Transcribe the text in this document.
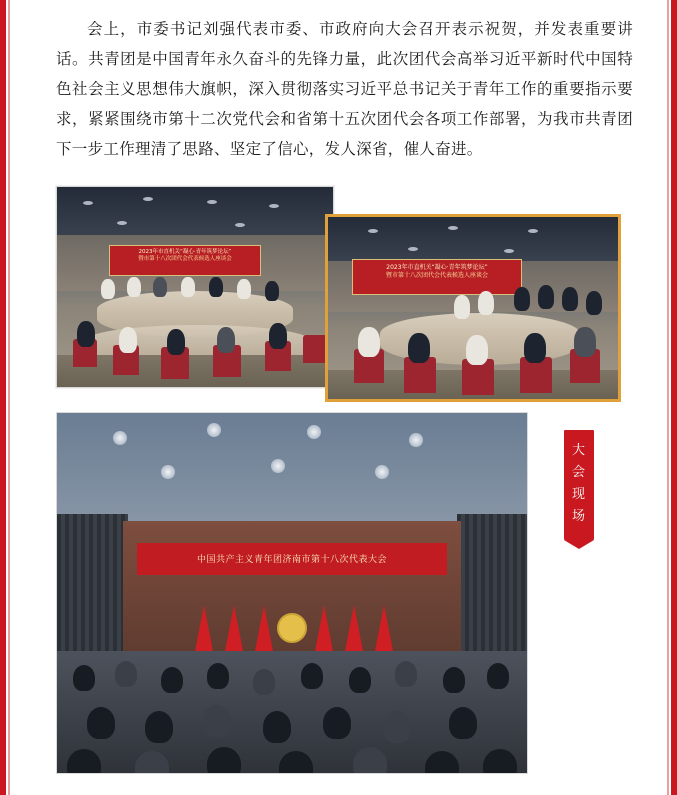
会上，市委书记刘强代表市委、市政府向大会召开表示祝贺，并发表重要讲话。共青团是中国青年永久奋斗的先锋力量，此次团代会高举习近平新时代中国特色社会主义思想伟大旗帜，深入贯彻落实习近平总书记关于青年工作的重要指示要求，紧紧围绕市第十二次党代会和省第十五次团代会各项工作部署，为我市共青团下一步工作理清了思路、坚定了信心，发人深省，催人奋进。

2023年市直机关“凝心·青年筑梦论坛”
暨市第十八次团代会代表候选人座谈会
2023年市直机关“凝心·青年筑梦论坛”
暨市第十八次团代会代表候选人座谈会
中国共产主义青年团济南市第十八次代表大会
大
会
现
场
